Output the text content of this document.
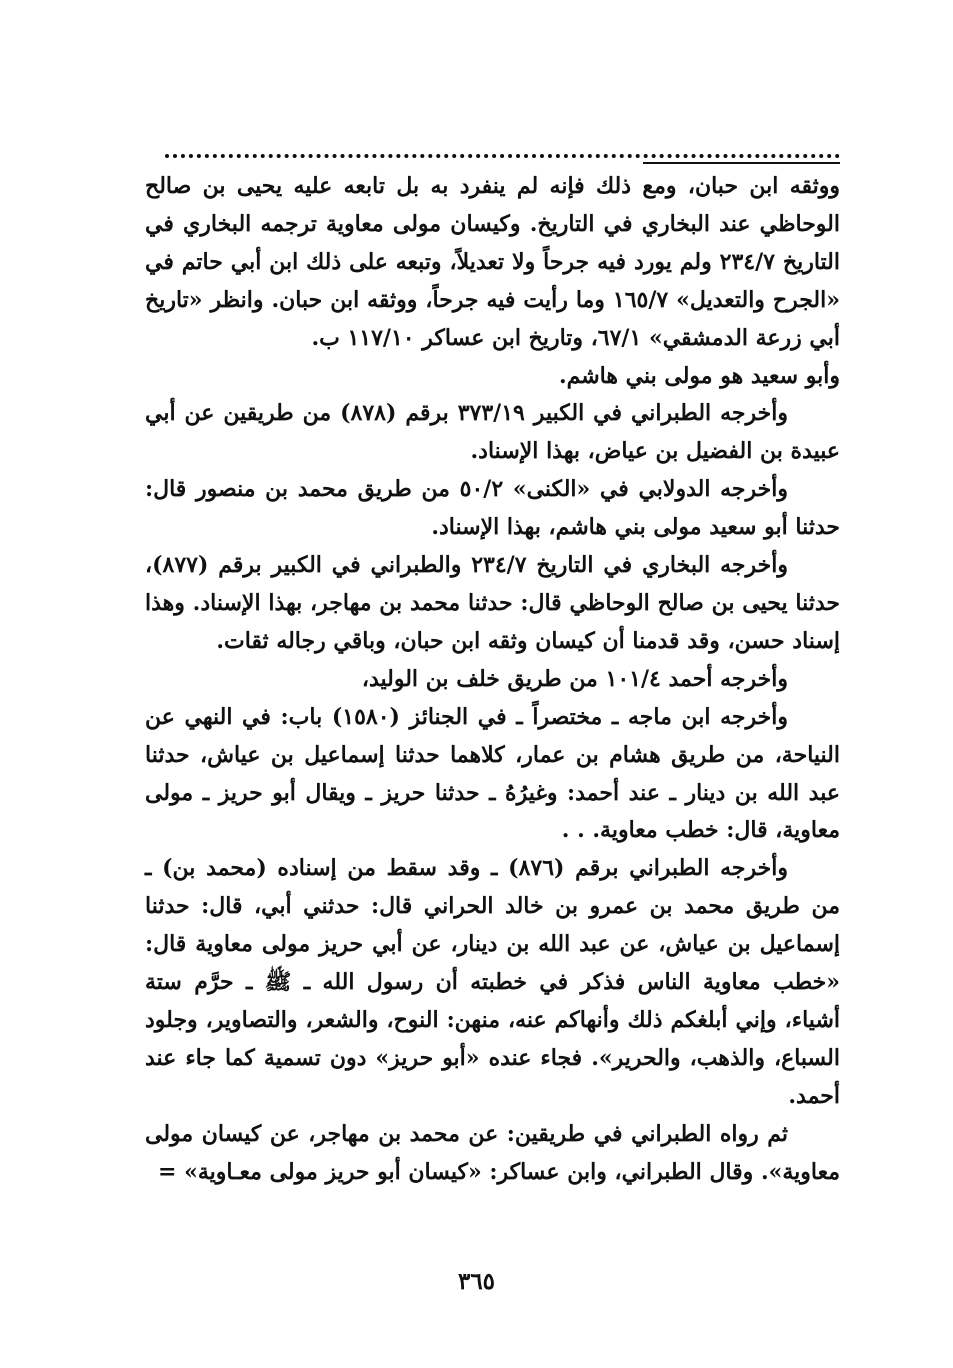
ووثقه ابن حبان، ومع ذلك فإنه لم ينفرد به بل تابعه عليه يحيى بن صالح الوحاظي عند البخاري في التاريخ. وكيسان مولى معاوية ترجمه البخاري في التاريخ ٢٣٤/٧ ولم يورد فيه جرحاً ولا تعديلاً، وتبعه على ذلك ابن أبي حاتم في «الجرح والتعديل» ١٦٥/٧ وما رأيت فيه جرحاً، ووثقه ابن حبان. وانظر «تاريخ أبي زرعة الدمشقي» ٦٧/١، وتاريخ ابن عساكر ١١٧/١٠ ب.

وأبو سعيد هو مولى بني هاشم.

وأخرجه الطبراني في الكبير ٣٧٣/١٩ برقم (٨٧٨) من طريقين عن أبي عبيدة بن الفضيل بن عياض، بهذا الإسناد.

وأخرجه الدولابي في «الكنى» ٥٠/٢ من طريق محمد بن منصور قال: حدثنا أبو سعيد مولى بني هاشم، بهذا الإسناد.

وأخرجه البخاري في التاريخ ٢٣٤/٧ والطبراني في الكبير برقم (٨٧٧)، حدثنا يحيى بن صالح الوحاظي قال: حدثنا محمد بن مهاجر، بهذا الإسناد. وهذا إسناد حسن، وقد قدمنا أن كيسان وثقه ابن حبان، وباقي رجاله ثقات.

وأخرجه أحمد ١٠١/٤ من طريق خلف بن الوليد،

وأخرجه ابن ماجه ـ مختصراً ـ في الجنائز (١٥٨٠) باب: في النهي عن النياحة، من طريق هشام بن عمار، كلاهما حدثنا إسماعيل بن عياش، حدثنا عبد الله بن دينار ـ عند أحمد: وغيرُهُ ـ حدثنا حريز ـ ويقال أبو حريز ـ مولى معاوية، قال: خطب معاوية. . .

وأخرجه الطبراني برقم (٨٧٦) ـ وقد سقط من إسناده (محمد بن) ـ من طريق محمد بن عمرو بن خالد الحراني قال: حدثني أبي، قال: حدثنا إسماعيل بن عياش، عن عبد الله بن دينار، عن أبي حريز مولى معاوية قال: «خطب معاوية الناس فذكر في خطبته أن رسول الله ـ ﷺ ـ حرَّم ستة أشياء، وإني أبلغكم ذلك وأنهاكم عنه، منهن: النوح، والشعر، والتصاوير، وجلود السباع، والذهب، والحرير». فجاء عنده «أبو حريز» دون تسمية كما جاء عند أحمد.

ثم رواه الطبراني في طريقين: عن محمد بن مهاجر، عن كيسان مولى معاوية». وقال الطبراني، وابن عساكر: «كيسان أبو حريز مولى معـاوية» =

٣٦٥
